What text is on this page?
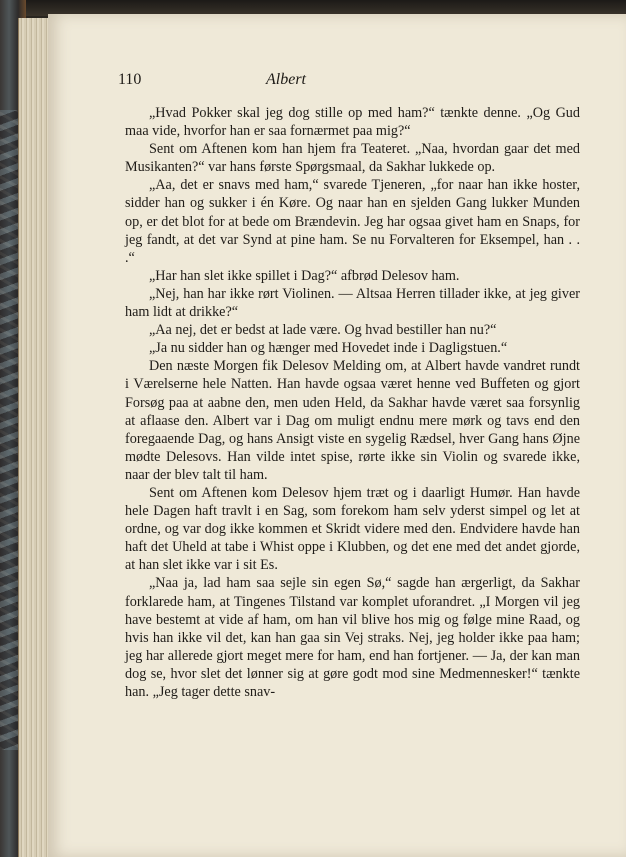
110	Albert

„Hvad Pokker skal jeg dog stille op med ham?“ tænkte denne. „Og Gud maa vide, hvorfor han er saa fornærmet paa mig?“

Sent om Aftenen kom han hjem fra Teateret. „Naa, hvordan gaar det med Musikanten?“ var hans første Spørgsmaal, da Sakhar lukkede op.

„Aa, det er snavs med ham,“ svarede Tjeneren, „for naar han ikke hoster, sidder han og sukker i én Køre. Og naar han en sjelden Gang lukker Munden op, er det blot for at bede om Brændevin. Jeg har ogsaa givet ham en Snaps, for jeg fandt, at det var Synd at pine ham. Se nu Forvalteren for Eksempel, han . . .“

„Har han slet ikke spillet i Dag?“ afbrød Delesov ham.

„Nej, han har ikke rørt Violinen. — Altsaa Herren tillader ikke, at jeg giver ham lidt at drikke?“

„Aa nej, det er bedst at lade være. Og hvad bestiller han nu?“

„Ja nu sidder han og hænger med Hovedet inde i Dagligstuen.“

Den næste Morgen fik Delesov Melding om, at Albert havde vandret rundt i Værelserne hele Natten. Han havde ogsaa været henne ved Buffeten og gjort Forsøg paa at aabne den, men uden Held, da Sakhar havde været saa forsynlig at aflaase den. Albert var i Dag om muligt endnu mere mørk og tavs end den foregaaende Dag, og hans Ansigt viste en sygelig Rædsel, hver Gang hans Øjne mødte Delesovs. Han vilde intet spise, rørte ikke sin Violin og svarede ikke, naar der blev talt til ham.

Sent om Aftenen kom Delesov hjem træt og i daarligt Humør. Han havde hele Dagen haft travlt i en Sag, som forekom ham selv yderst simpel og let at ordne, og var dog ikke kommen et Skridt videre med den. Endvidere havde han haft det Uheld at tabe i Whist oppe i Klubben, og det ene med det andet gjorde, at han slet ikke var i sit Es.

„Naa ja, lad ham saa sejle sin egen Sø,“ sagde han ærgerligt, da Sakhar forklarede ham, at Tingenes Tilstand var komplet uforandret. „I Morgen vil jeg have bestemt at vide af ham, om han vil blive hos mig og følge mine Raad, og hvis han ikke vil det, kan han gaa sin Vej straks. Nej, jeg holder ikke paa ham; jeg har allerede gjort meget mere for ham, end han fortjener. — Ja, der kan man dog se, hvor slet det lønner sig at gøre godt mod sine Medmennesker!“ tænkte han. „Jeg tager dette snav-
